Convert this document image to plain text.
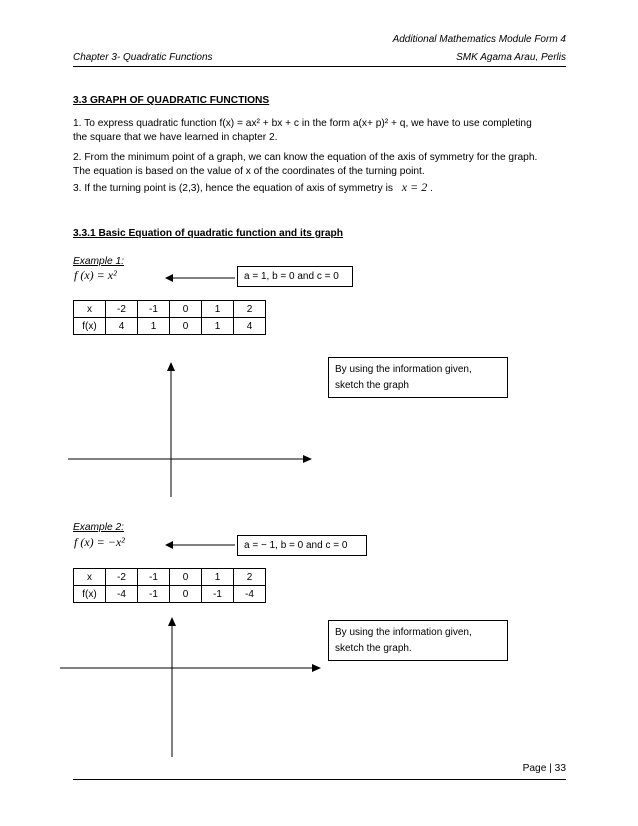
Additional Mathematics Module Form 4
Chapter 3- Quadratic Functions	SMK Agama Arau, Perlis
3.3 GRAPH OF QUADRATIC FUNCTIONS
1. To express quadratic function f(x) = ax² + bx + c in the form a(x+ p)² + q, we have to use completing
the square that we have learned in chapter 2.
2. From the minimum point of a graph, we can know the equation of the axis of symmetry for the graph.
The equation is based on the value of x of the coordinates of the turning point.
3. If the turning point is (2,3), hence the equation of axis of symmetry is x = 2 .
3.3.1 Basic Equation of quadratic function and its graph
Example 1:
f (x) = x²	a = 1, b = 0 and c = 0
x	-2	-1	0	1	2
f(x)	4	1	0	1	4
By using the information given,
sketch the graph
Example 2:
f (x) = −x²	a = − 1, b = 0 and c = 0
x	-2	-1	0	1	2
f(x)	-4	-1	0	-1	-4
By using the information given,
sketch the graph.
Page | 33
